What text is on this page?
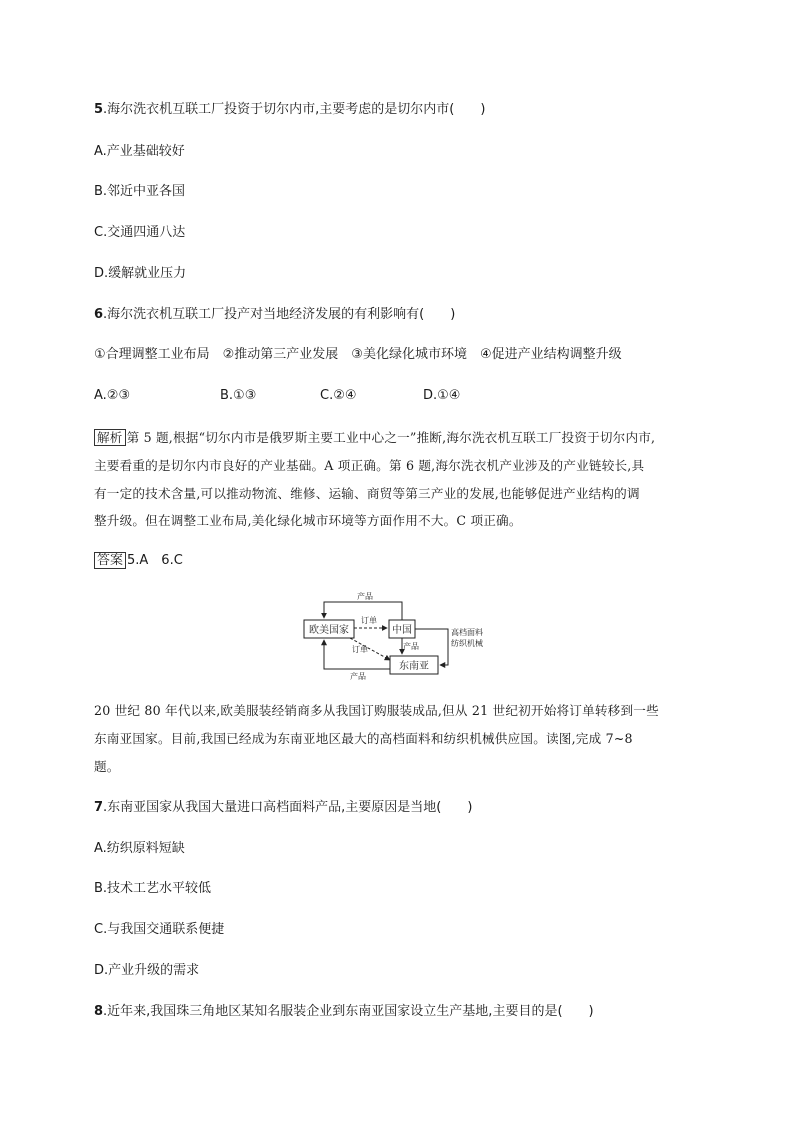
5.海尔洗衣机互联工厂投资于切尔内市,主要考虑的是切尔内市(　　)
A.产业基础较好
B.邻近中亚各国
C.交通四通八达
D.缓解就业压力
6.海尔洗衣机互联工厂投产对当地经济发展的有利影响有(　　)
①合理调整工业布局　②推动第三产业发展　③美化绿化城市环境　④促进产业结构调整升级
A.②③	B.①③	C.②④	D.①④
解析 第 5 题,根据“切尔内市是俄罗斯主要工业中心之一”推断,海尔洗衣机互联工厂投资于切尔内市,
主要看重的是切尔内市良好的产业基础。A 项正确。第 6 题,海尔洗衣机产业涉及的产业链较长,具
有一定的技术含量,可以推动物流、维修、运输、商贸等第三产业的发展,也能够促进产业结构的调
整升级。但在调整工业布局,美化绿化城市环境等方面作用不大。C 项正确。
答案 5.A　6.C
欧美国家	中国
东南亚
产品
订单
订单	产品
高档面料
纺织机械
产品
20 世纪 80 年代以来,欧美服装经销商多从我国订购服装成品,但从 21 世纪初开始将订单转移到一些
东南亚国家。目前,我国已经成为东南亚地区最大的高档面料和纺织机械供应国。读图,完成 7~8
题。
7.东南亚国家从我国大量进口高档面料产品,主要原因是当地(　　)
A.纺织原料短缺
B.技术工艺水平较低
C.与我国交通联系便捷
D.产业升级的需求
8.近年来,我国珠三角地区某知名服装企业到东南亚国家设立生产基地,主要目的是(　　)
